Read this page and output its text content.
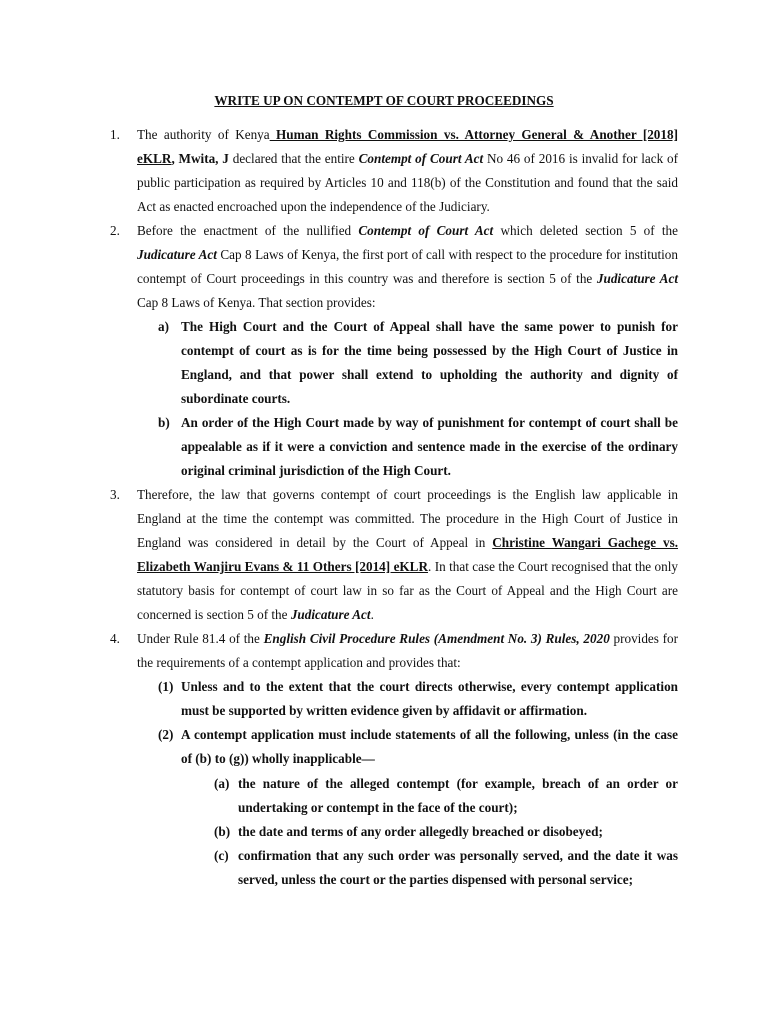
WRITE UP ON CONTEMPT OF COURT PROCEEDINGS
1. The authority of Kenya Human Rights Commission vs. Attorney General & Another [2018] eKLR, Mwita, J declared that the entire Contempt of Court Act No 46 of 2016 is invalid for lack of public participation as required by Articles 10 and 118(b) of the Constitution and found that the said Act as enacted encroached upon the independence of the Judiciary.
2. Before the enactment of the nullified Contempt of Court Act which deleted section 5 of the Judicature Act Cap 8 Laws of Kenya, the first port of call with respect to the procedure for institution contempt of Court proceedings in this country was and therefore is section 5 of the Judicature Act Cap 8 Laws of Kenya. That section provides:
a) The High Court and the Court of Appeal shall have the same power to punish for contempt of court as is for the time being possessed by the High Court of Justice in England, and that power shall extend to upholding the authority and dignity of subordinate courts.
b) An order of the High Court made by way of punishment for contempt of court shall be appealable as if it were a conviction and sentence made in the exercise of the ordinary original criminal jurisdiction of the High Court.
3. Therefore, the law that governs contempt of court proceedings is the English law applicable in England at the time the contempt was committed. The procedure in the High Court of Justice in England was considered in detail by the Court of Appeal in Christine Wangari Gachege vs. Elizabeth Wanjiru Evans & 11 Others [2014] eKLR. In that case the Court recognised that the only statutory basis for contempt of court law in so far as the Court of Appeal and the High Court are concerned is section 5 of the Judicature Act.
4. Under Rule 81.4 of the English Civil Procedure Rules (Amendment No. 3) Rules, 2020 provides for the requirements of a contempt application and provides that:
(1) Unless and to the extent that the court directs otherwise, every contempt application must be supported by written evidence given by affidavit or affirmation.
(2) A contempt application must include statements of all the following, unless (in the case of (b) to (g)) wholly inapplicable—
(a) the nature of the alleged contempt (for example, breach of an order or undertaking or contempt in the face of the court);
(b) the date and terms of any order allegedly breached or disobeyed;
(c) confirmation that any such order was personally served, and the date it was served, unless the court or the parties dispensed with personal service;
